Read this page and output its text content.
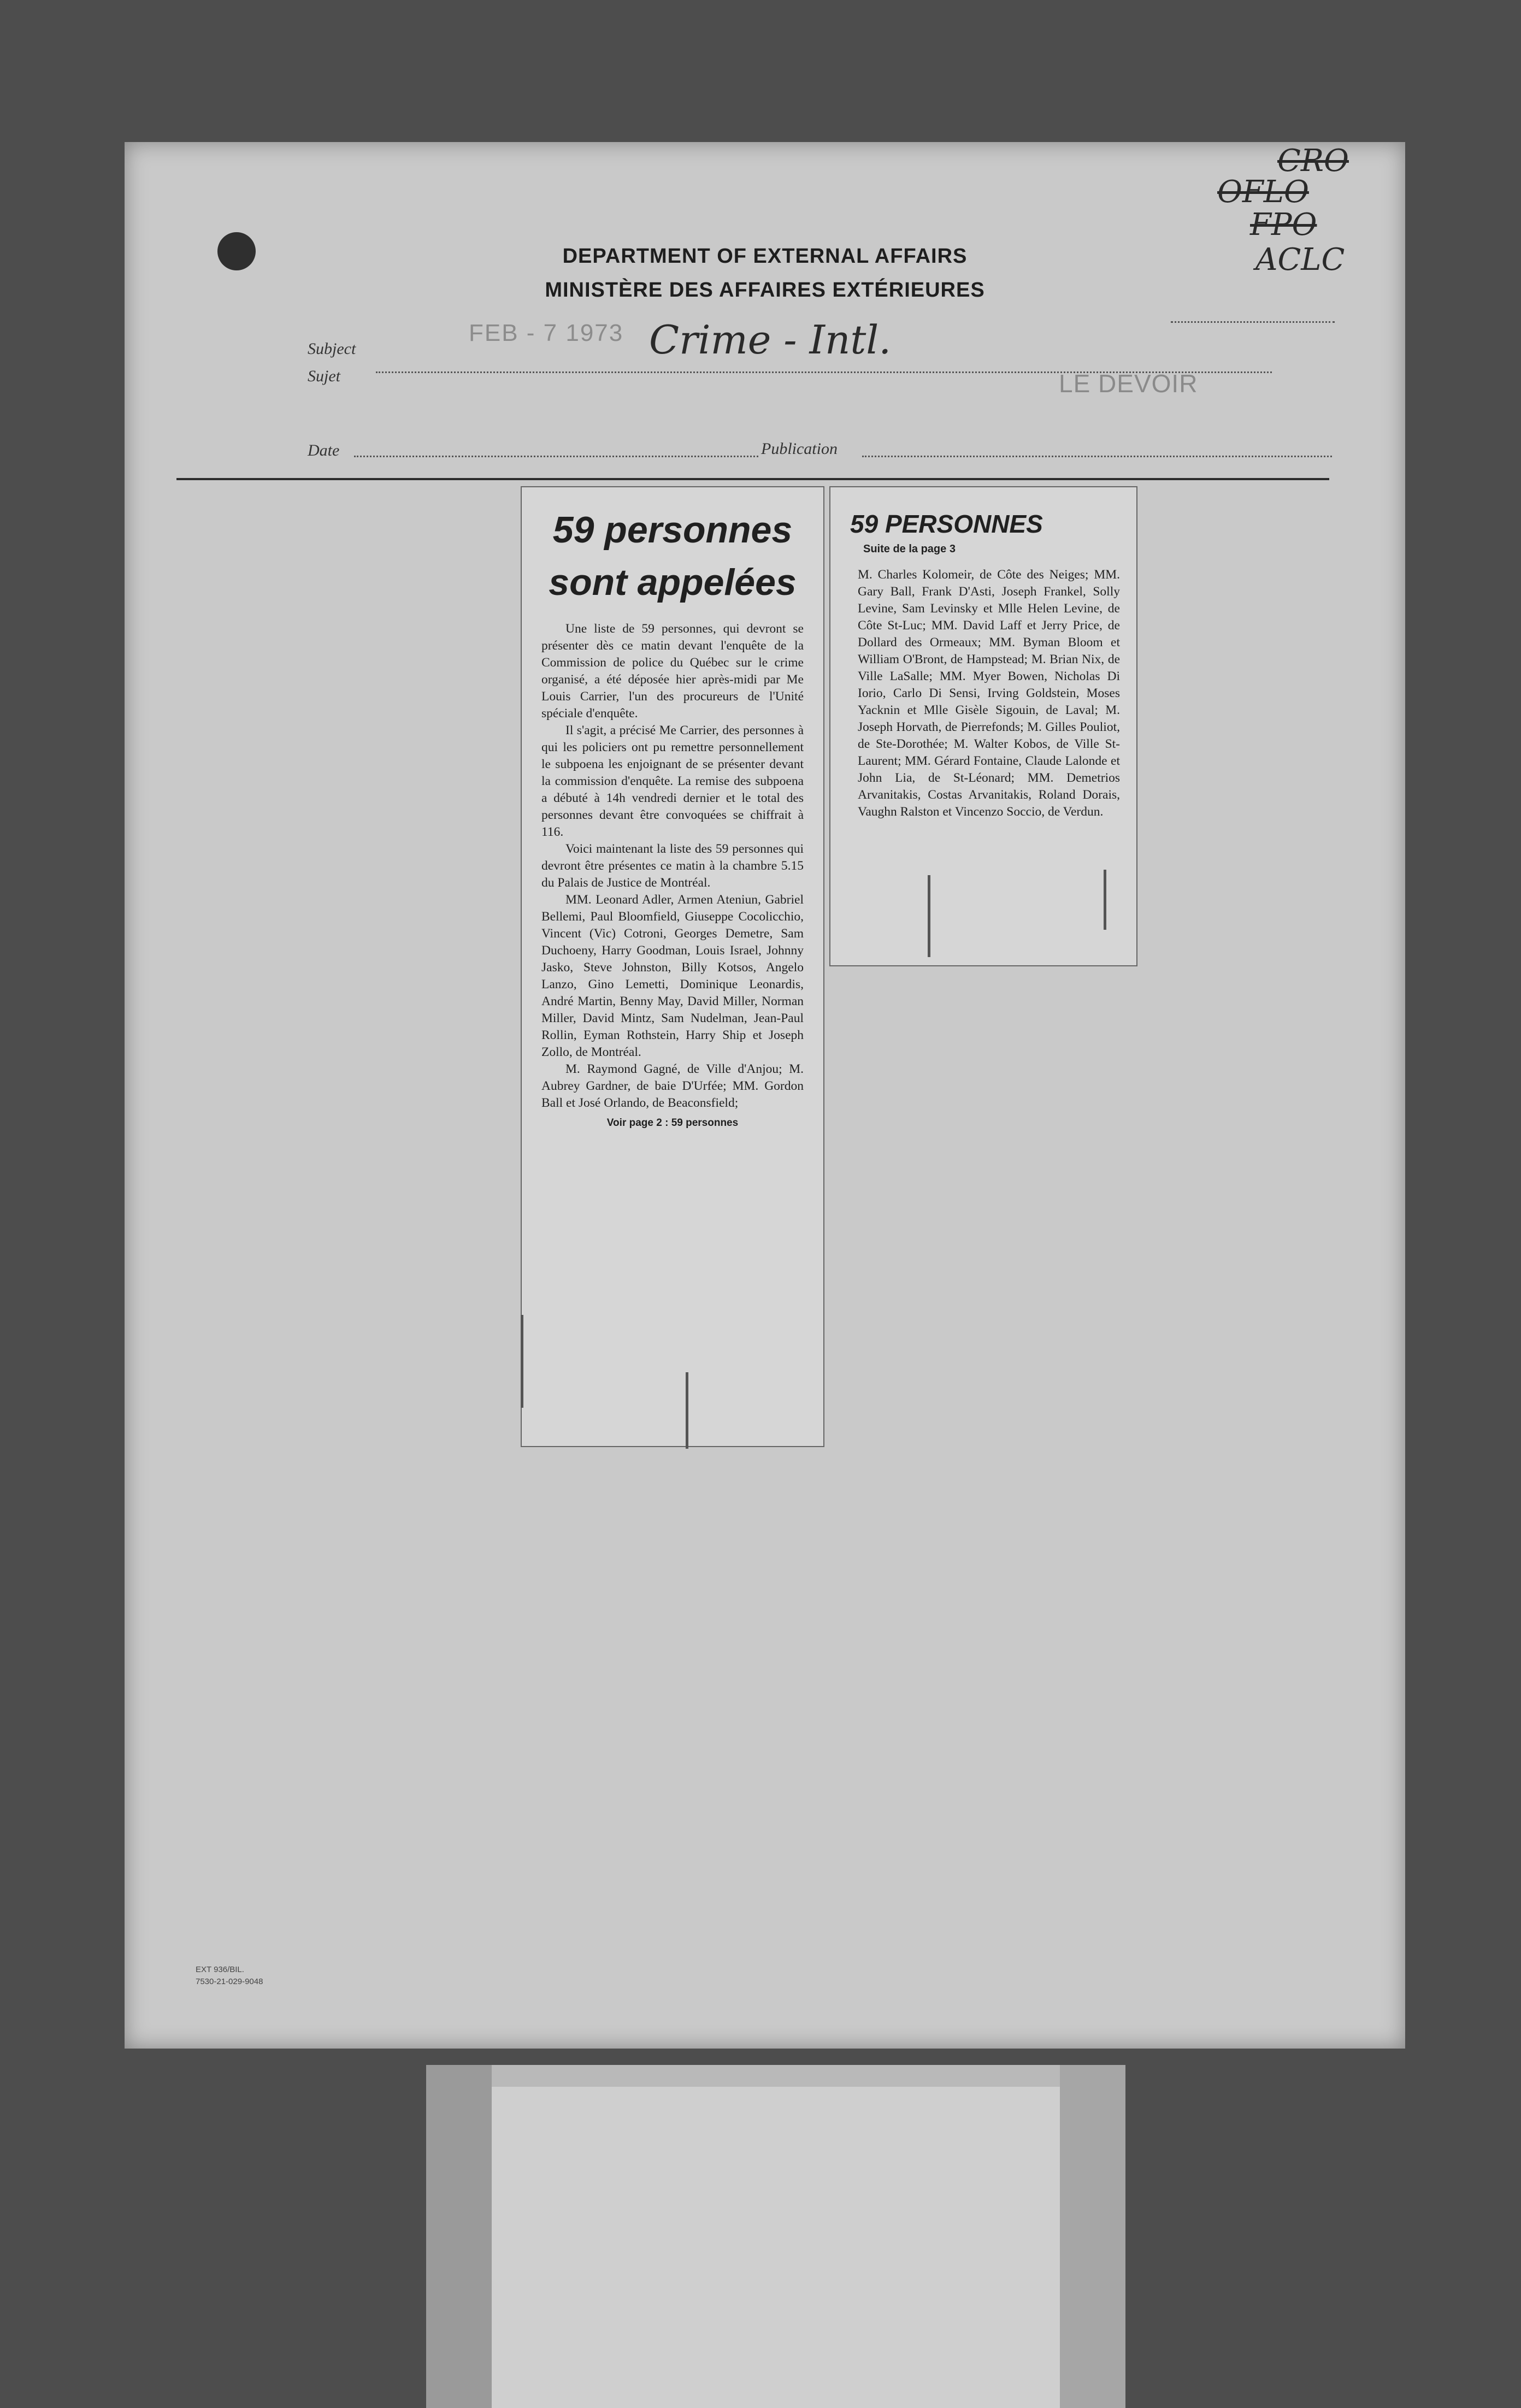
CRO
OFLO
FPO
ACLC
DEPARTMENT OF EXTERNAL AFFAIRS
MINISTÈRE DES AFFAIRES EXTÉRIEURES
Subject
Sujet
FEB - 7 1973 Crime - Intl.
LE DEVOIR
Date	Publication
59 personnes sont appelées

Une liste de 59 personnes, qui devront se présenter dès ce matin devant l'enquête de la Commission de police du Québec sur le crime organisé, a été déposée hier après-midi par Me Louis Carrier, l'un des procureurs de l'Unité spéciale d'enquête.

Il s'agit, a précisé Me Carrier, des personnes à qui les policiers ont pu remettre personnellement le subpoena les enjoignant de se présenter devant la commission d'enquête. La remise des subpoena a débuté à 14h vendredi dernier et le total des personnes devant être convoquées se chiffrait à 116.

Voici maintenant la liste des 59 personnes qui devront être présentes ce matin à la chambre 5.15 du Palais de Justice de Montréal.

MM. Leonard Adler, Armen Ateniun, Gabriel Bellemi, Paul Bloomfield, Giuseppe Cocolicchio, Vincent (Vic) Cotroni, Georges Demetre, Sam Duchoeny, Harry Goodman, Louis Israel, Johnny Jasko, Steve Johnston, Billy Kotsos, Angelo Lanzo, Gino Lemetti, Dominique Leonardis, André Martin, Benny May, David Miller, Norman Miller, David Mintz, Sam Nudelman, Jean-Paul Rollin, Eyman Rothstein, Harry Ship et Joseph Zollo, de Montréal.

M. Raymond Gagné, de Ville d'Anjou; M. Aubrey Gardner, de baie D'Urfée; MM. Gordon Ball et José Orlando, de Beaconsfield;

Voir page 2 : 59 personnes
59 PERSONNES
Suite de la page 3

M. Charles Kolomeir, de Côte des Neiges; MM. Gary Ball, Frank D'Asti, Joseph Frankel, Solly Levine, Sam Levinsky et Mlle Helen Levine, de Côte St-Luc; MM. David Laff et Jerry Price, de Dollard des Ormeaux; MM. Byman Bloom et William O'Bront, de Hampstead; M. Brian Nix, de Ville LaSalle; MM. Myer Bowen, Nicholas Di Iorio, Carlo Di Sensi, Irving Goldstein, Moses Yacknin et Mlle Gisèle Sigouin, de Laval; M. Joseph Horvath, de Pierrefonds; M. Gilles Pouliot, de Ste-Dorothée; M. Walter Kobos, de Ville St-Laurent; MM. Gérard Fontaine, Claude Lalonde et John Lia, de St-Léonard; MM. Demetrios Arvanitakis, Costas Arvanitakis, Roland Dorais, Vaughn Ralston et Vincenzo Soccio, de Verdun.

EXT 936/BIL.
7530-21-029-9048
